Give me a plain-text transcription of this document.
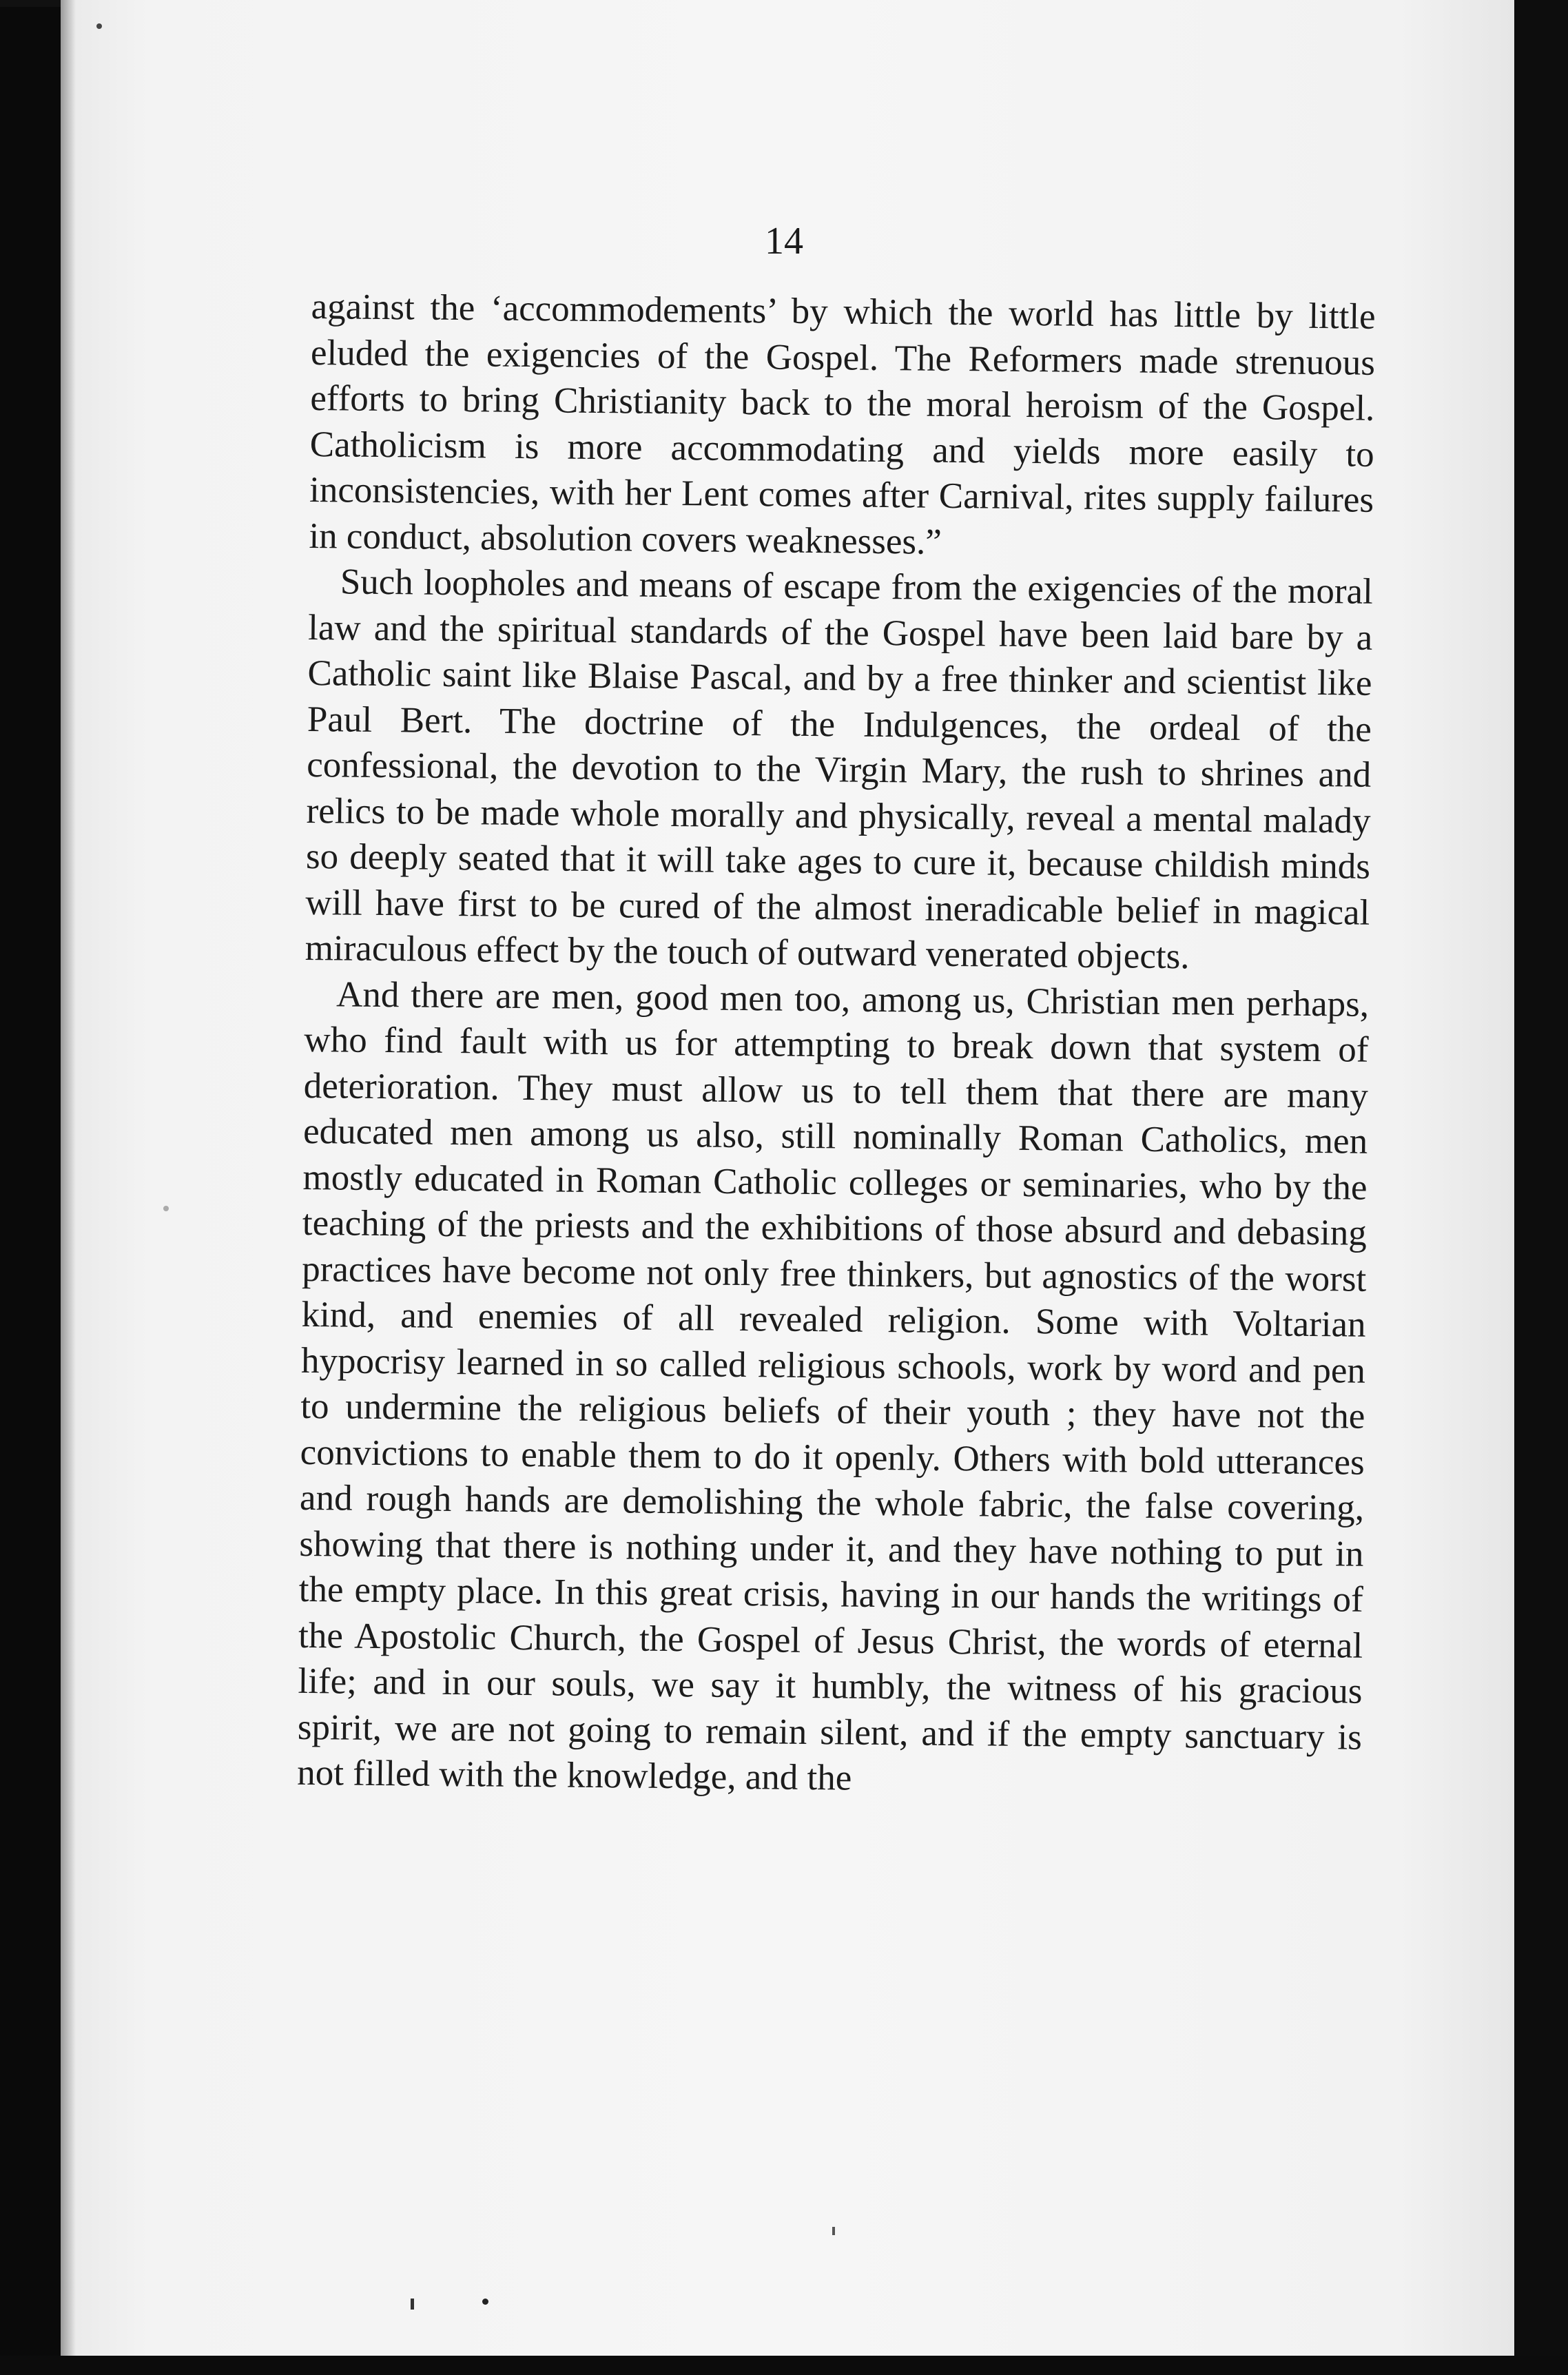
14

against the ‘accommodements’ by which the world has little by little eluded the exigencies of the Gospel. The Reformers made strenuous efforts to bring Christianity back to the moral heroism of the Gospel. Catholicism is more accommodating and yields more easily to inconsistencies, with her Lent comes after Carnival, rites supply failures in conduct, absolution covers weaknesses.”

Such loopholes and means of escape from the exigencies of the moral law and the spiritual standards of the Gospel have been laid bare by a Catholic saint like Blaise Pascal, and by a free thinker and scientist like Paul Bert. The doctrine of the Indulgences, the ordeal of the confessional, the devotion to the Virgin Mary, the rush to shrines and relics to be made whole morally and physically, reveal a mental malady so deeply seated that it will take ages to cure it, because childish minds will have first to be cured of the almost ineradicable belief in magical miraculous effect by the touch of outward venerated objects.

And there are men, good men too, among us, Christian men perhaps, who find fault with us for attempting to break down that system of deterioration. They must allow us to tell them that there are many educated men among us also, still nominally Roman Catholics, men mostly educated in Roman Catholic colleges or seminaries, who by the teaching of the priests and the exhibitions of those absurd and debasing practices have become not only free thinkers, but agnostics of the worst kind, and enemies of all revealed religion. Some with Voltarian hypocrisy learned in so called religious schools, work by word and pen to undermine the religious beliefs of their youth ; they have not the convictions to enable them to do it openly. Others with bold utterances and rough hands are demolishing the whole fabric, the false covering, showing that there is nothing under it, and they have nothing to put in the empty place. In this great crisis, having in our hands the writings of the Apostolic Church, the Gospel of Jesus Christ, the words of eternal life; and in our souls, we say it humbly, the witness of his gracious spirit, we are not going to remain silent, and if the empty sanctuary is not filled with the knowledge, and the
